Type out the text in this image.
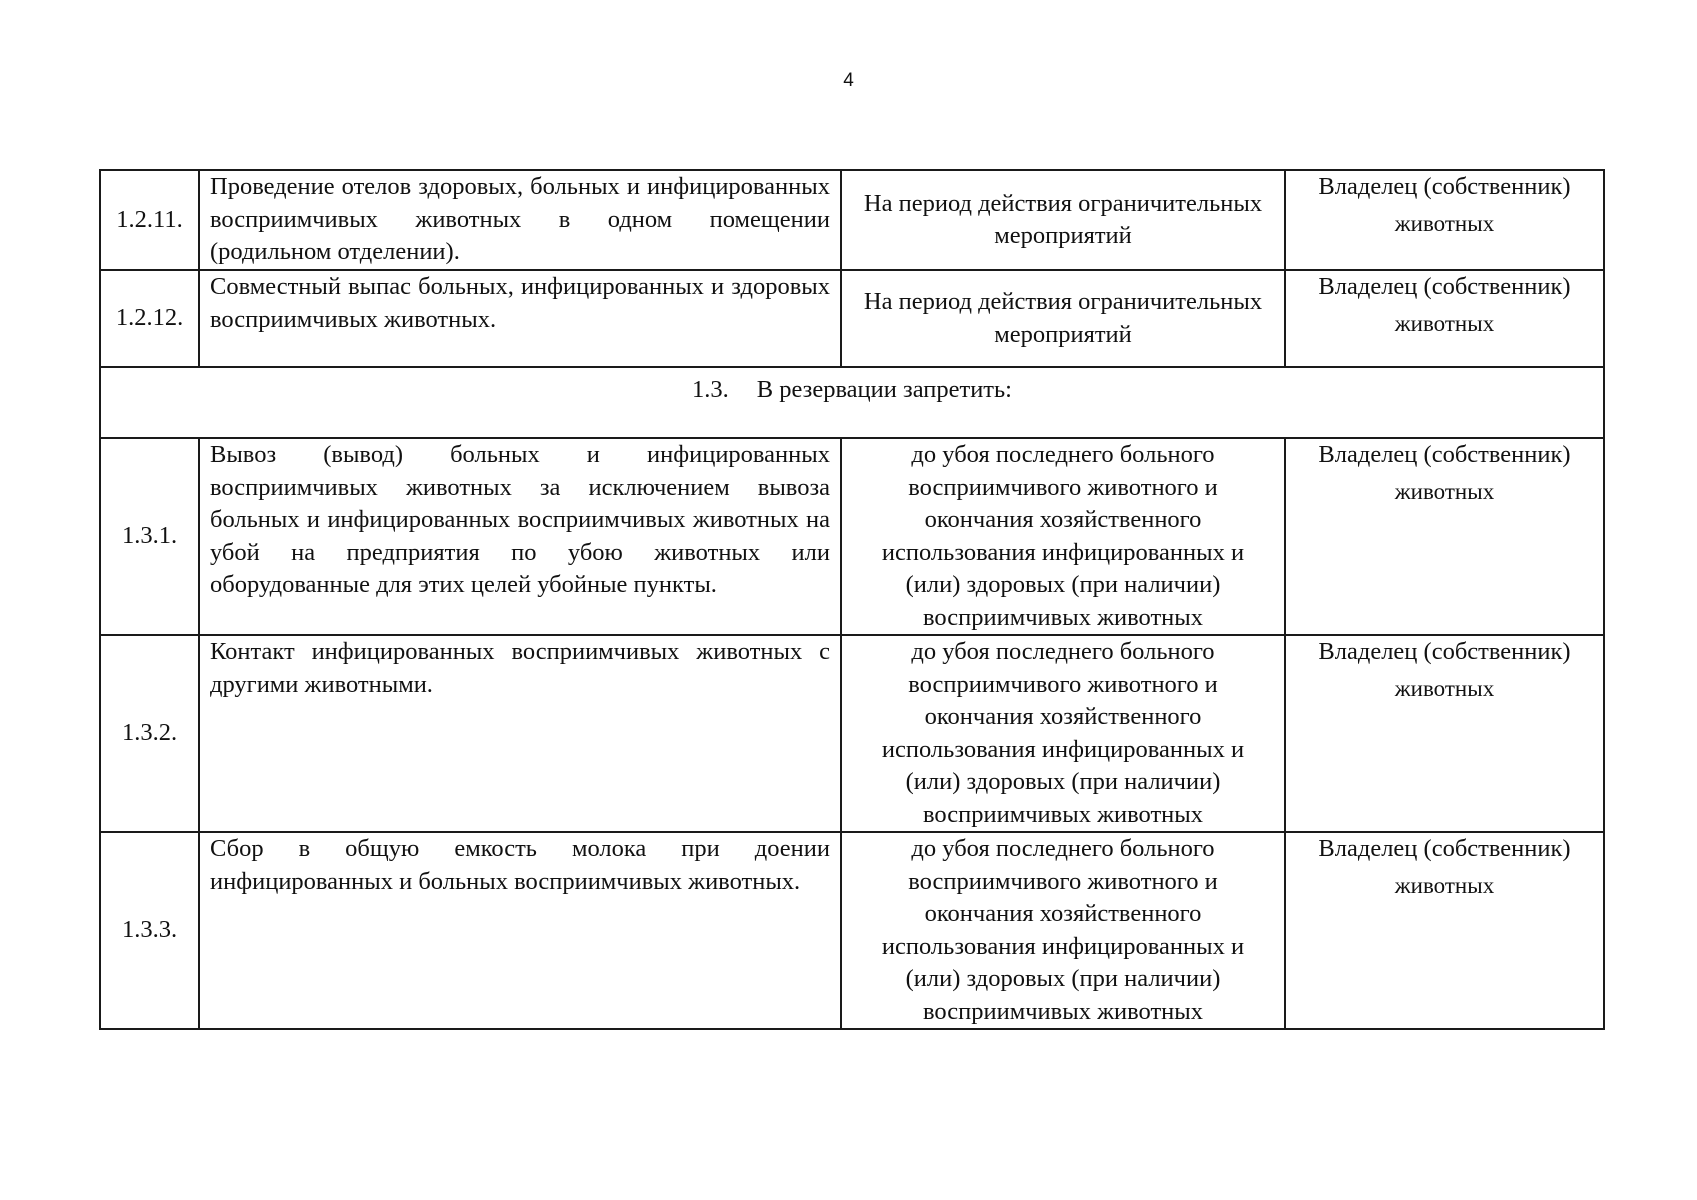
4
1.2.11.	Проведение отелов здоровых, больных и инфицированных восприимчивых животных в одном помещении (родильном отделении).	На период действия ограничительных мероприятий	Владелец (собственник)
животных

1.2.12.	Совместный выпас больных, инфицированных и здоровых восприимчивых животных.	На период действия ограничительных мероприятий	Владелец (собственник)
животных

1.3. В резервации запретить:			
1.3.1.	Вывоз (вывод) больных и инфицированных восприимчивых животных за исключением вывоза больных и инфицированных восприимчивых животных на убой на предприятия по убою животных или оборудованные для этих целей убойные пункты.	до убоя последнего больного восприимчивого животного и окончания хозяйственного использования инфицированных и (или) здоровых (при наличии) восприимчивых животных	Владелец (собственник)
животных

1.3.2.	Контакт инфицированных восприимчивых животных с другими животными.	до убоя последнего больного восприимчивого животного и окончания хозяйственного использования инфицированных и (или) здоровых (при наличии) восприимчивых животных	Владелец (собственник)
животных

1.3.3.	Сбор в общую емкость молока при доении инфицированных и больных восприимчивых животных.	до убоя последнего больного восприимчивого животного и окончания хозяйственного использования инфицированных и (или) здоровых (при наличии) восприимчивых животных	Владелец (собственник)
животных
